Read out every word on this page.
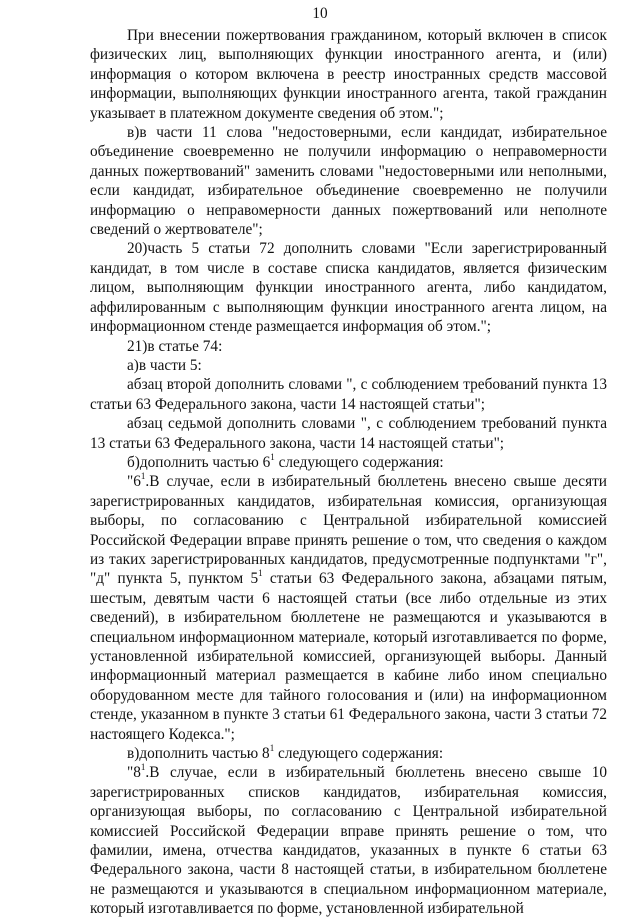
10

При внесении пожертвования гражданином, который включен в список физических лиц, выполняющих функции иностранного агента, и (или) информация о котором включена в реестр иностранных средств массовой информации, выполняющих функции иностранного агента, такой гражданин указывает в платежном документе сведения об этом.";

в)в части 11 слова "недостоверными, если кандидат, избирательное объединение своевременно не получили информацию о неправомерности данных пожертвований" заменить словами "недостоверными или неполными, если кандидат, избирательное объединение своевременно не получили информацию о неправомерности данных пожертвований или неполноте сведений о жертвователе";

20)часть 5 статьи 72 дополнить словами "Если зарегистрированный кандидат, в том числе в составе списка кандидатов, является физическим лицом, выполняющим функции иностранного агента, либо кандидатом, аффилированным с выполняющим функции иностранного агента лицом, на информационном стенде размещается информация об этом.";

21)в статье 74:

а)в части 5:

абзац второй дополнить словами ", с соблюдением требований пункта 13 статьи 63 Федерального закона, части 14 настоящей статьи";

абзац седьмой дополнить словами ", с соблюдением требований пункта 13 статьи 63 Федерального закона, части 14 настоящей статьи";

б)дополнить частью $6^1$ следующего содержания:

"$6^1.В$ случае, если в избирательный бюллетень внесено свыше десяти зарегистрированных кандидатов, избирательная комиссия, организующая выборы, по согласованию с Центральной избирательной комиссией Российской Федерации вправе принять решение о том, что сведения о каждом из таких зарегистрированных кандидатов, предусмотренные подпунктами "г", "д" пункта 5, пунктом $5^1$ статьи 63 Федерального закона, абзацами пятым, шестым, девятым части 6 настоящей статьи (все либо отдельные из этих сведений), в избирательном бюллетене не размещаются и указываются в специальном информационном материале, который изготавливается по форме, установленной избирательной комиссией, организующей выборы. Данный информационный материал размещается в кабине либо ином специально оборудованном месте для тайного голосования и (или) на информационном стенде, указанном в пункте 3 статьи 61 Федерального закона, части 3 статьи 72 настоящего Кодекса.";

в)дополнить частью $8^1$ следующего содержания:

"$8^1.В$ случае, если в избирательный бюллетень внесено свыше 10 зарегистрированных списков кандидатов, избирательная комиссия, организующая выборы, по согласованию с Центральной избирательной комиссией Российской Федерации вправе принять решение о том, что фамилии, имена, отчества кандидатов, указанных в пункте 6 статьи 63 Федерального закона, части 8 настоящей статьи, в избирательном бюллетене не размещаются и указываются в специальном информационном материале, который изготавливается по форме, установленной избирательной
